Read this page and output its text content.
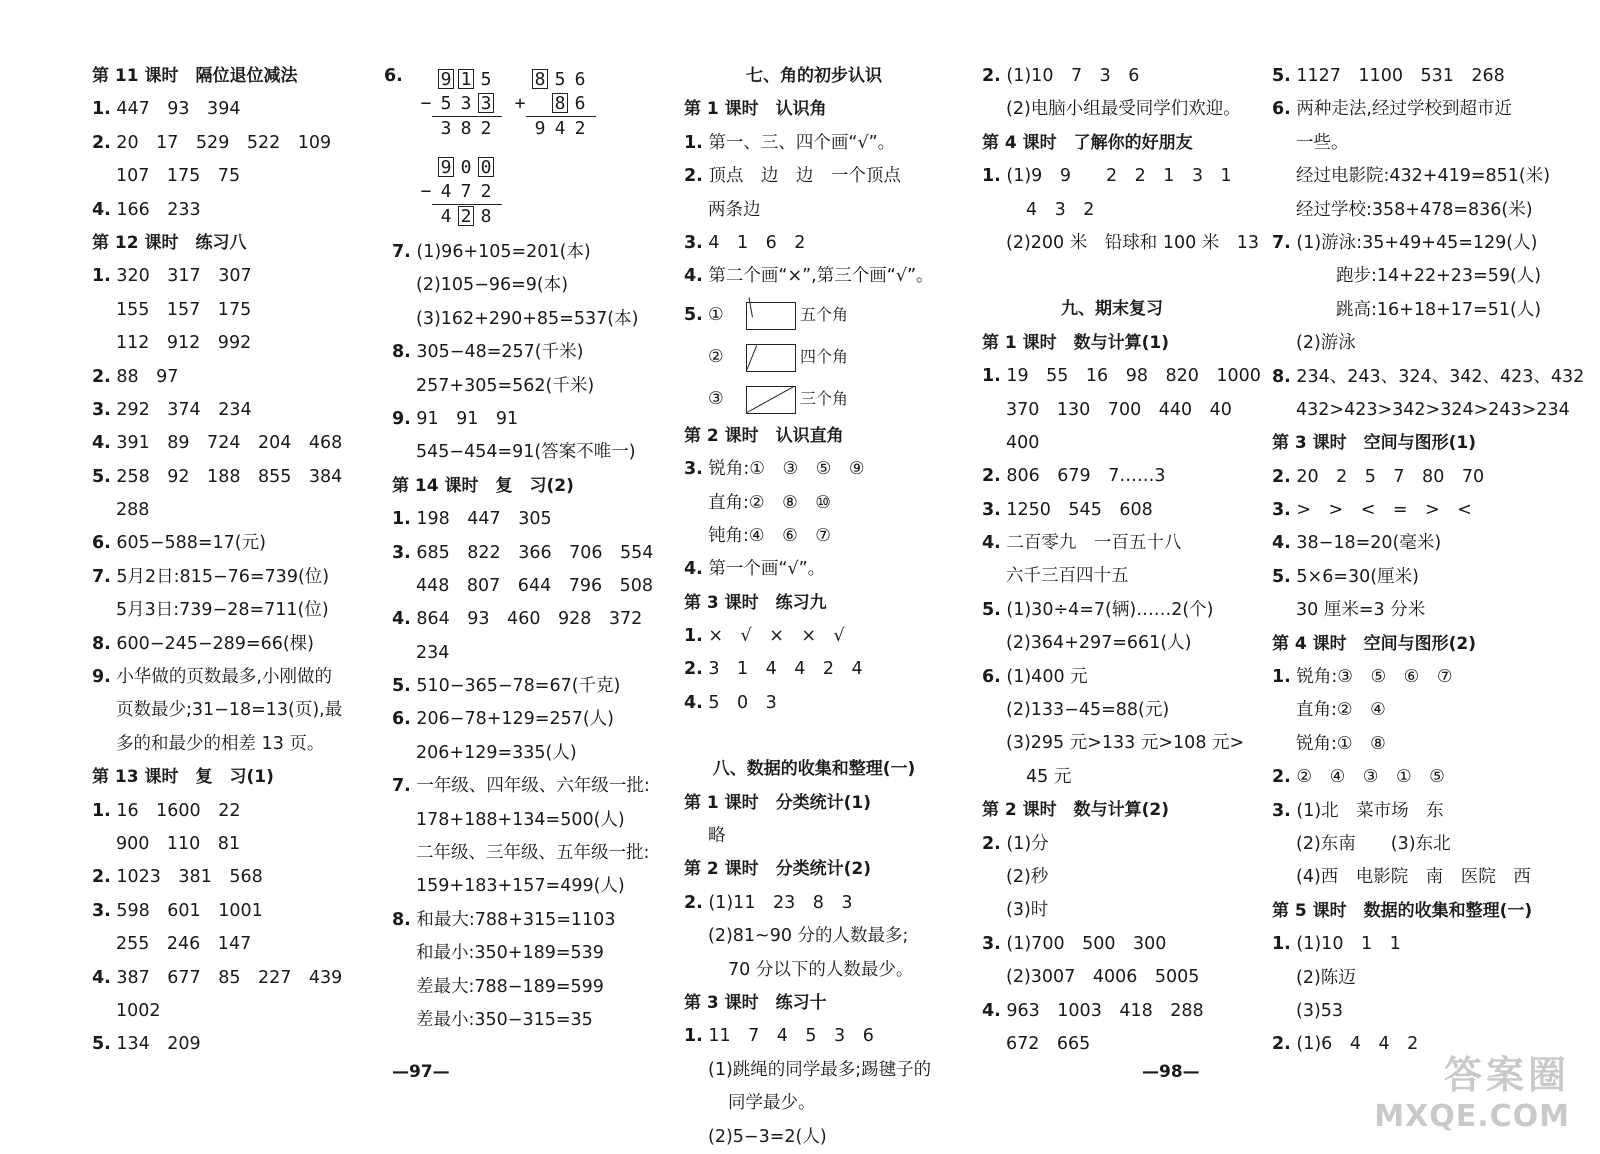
第 11 课时　隔位退位减法
1. 447　93　394
2. 20　17　529　522　109
107　175　75
4. 166　233
第 12 课时　练习八
1. 320　317　307
155　157　175
112　912　992
2. 88　97
3. 292　374　234
4. 391　89　724　204　468
5. 258　92　188　855　384
288
6. 605−588=17(元)
7. 5月2日:815−76=739(位)
5月3日:739−28=711(位)
8. 600−245−289=66(棵)
9. 小华做的页数最多,小刚做的
页数最少;31−18=13(页),最
多的和最少的相差 13 页。
第 13 课时　复　习(1)
1. 16　1600　22
900　110　81
2. 1023　381　568
3. 598　601　1001
255　246　147
4. 387　677　85　227　439
1002
5. 134　209
6.	9 1 5
− 5 3 3
3 8 2
8 5 6
+ 8 6
9 4 2
9 0 0
− 4 7 2
4 2 8
7. (1)96+105=201(本)
(2)105−96=9(本)
(3)162+290+85=537(本)
8. 305−48=257(千米)
257+305=562(千米)
9. 91　91　91
545−454=91(答案不唯一)
第 14 课时　复　习(2)
1. 198　447　305
3. 685　822　366　706　554
448　807　644　796　508
4. 864　93　460　928　372
234
5. 510−365−78=67(千克)
6. 206−78+129=257(人)
206+129=335(人)
7. 一年级、四年级、六年级一批:
178+188+134=500(人)
二年级、三年级、五年级一批:
159+183+157=499(人)
8. 和最大:788+315=1103
和最小:350+189=539
差最大:788−189=599
差最小:350−315=35
—97—
七、角的初步认识
第 1 课时　认识角
1. 第一、三、四个画“√”。
2. 顶点　边　边　一个顶点
两条边
3. 4　1　6　2
4. 第二个画“×”,第三个画“√”。
5. ①	五个角
②	四个角
③	三个角
第 2 课时　认识直角
3. 锐角:①　③　⑤　⑨
直角:②　⑧　⑩
钝角:④　⑥　⑦
4. 第一个画“√”。
第 3 课时　练习九
1. ×　√　×　×　√
2. 3　1　4　4　2　4
4. 5　0　3
八、数据的收集和整理(一)
第 1 课时　分类统计(1)
略
第 2 课时　分类统计(2)
2. (1)11　23　8　3
(2)81~90 分的人数最多;
70 分以下的人数最少。
第 3 课时　练习十
1. 11　7　4　5　3　6
(1)跳绳的同学最多;踢毽子的
同学最少。
(2)5−3=2(人)
2. (1)10　7　3　6
(2)电脑小组最受同学们欢迎。
第 4 课时　了解你的好朋友
1. (1)9　9　　2　2　1　3　1
4　3　2
(2)200 米　铅球和 100 米　13
九、期末复习
第 1 课时　数与计算(1)
1. 19　55　16　98　820　1000
370　130　700　440　40
400
2. 806　679　7……3
3. 1250　545　608
4. 二百零九　一百五十八
六千三百四十五
5. (1)30÷4=7(辆)……2(个)
(2)364+297=661(人)
6. (1)400 元
(2)133−45=88(元)
(3)295 元>133 元>108 元>
45 元
第 2 课时　数与计算(2)
2. (1)分
(2)秒
(3)时
3. (1)700　500　300
(2)3007　4006　5005
4. 963　1003　418　288
672　665
—98—
5. 1127　1100　531　268
6. 两种走法,经过学校到超市近
一些。
经过电影院:432+419=851(米)
经过学校:358+478=836(米)
7. (1)游泳:35+49+45=129(人)
跑步:14+22+23=59(人)
跳高:16+18+17=51(人)
(2)游泳
8. 234、243、324、342、423、432
432>423>342>324>243>234
第 3 课时　空间与图形(1)
2. 20　2　5　7　80　70
3. >　>　<　=　>　<
4. 38−18=20(毫米)
5. 5×6=30(厘米)
30 厘米=3 分米
第 4 课时　空间与图形(2)
1. 锐角:③　⑤　⑥　⑦
直角:②　④
锐角:①　⑧
2. ②　④　③　①　⑤
3. (1)北　菜市场　东
(2)东南　　(3)东北
(4)西　电影院　南　医院　西
第 5 课时　数据的收集和整理(一)
1. (1)10　1　1
(2)陈迈
(3)53
2. (1)6　4　4　2
答案圈
MXQE.COM
